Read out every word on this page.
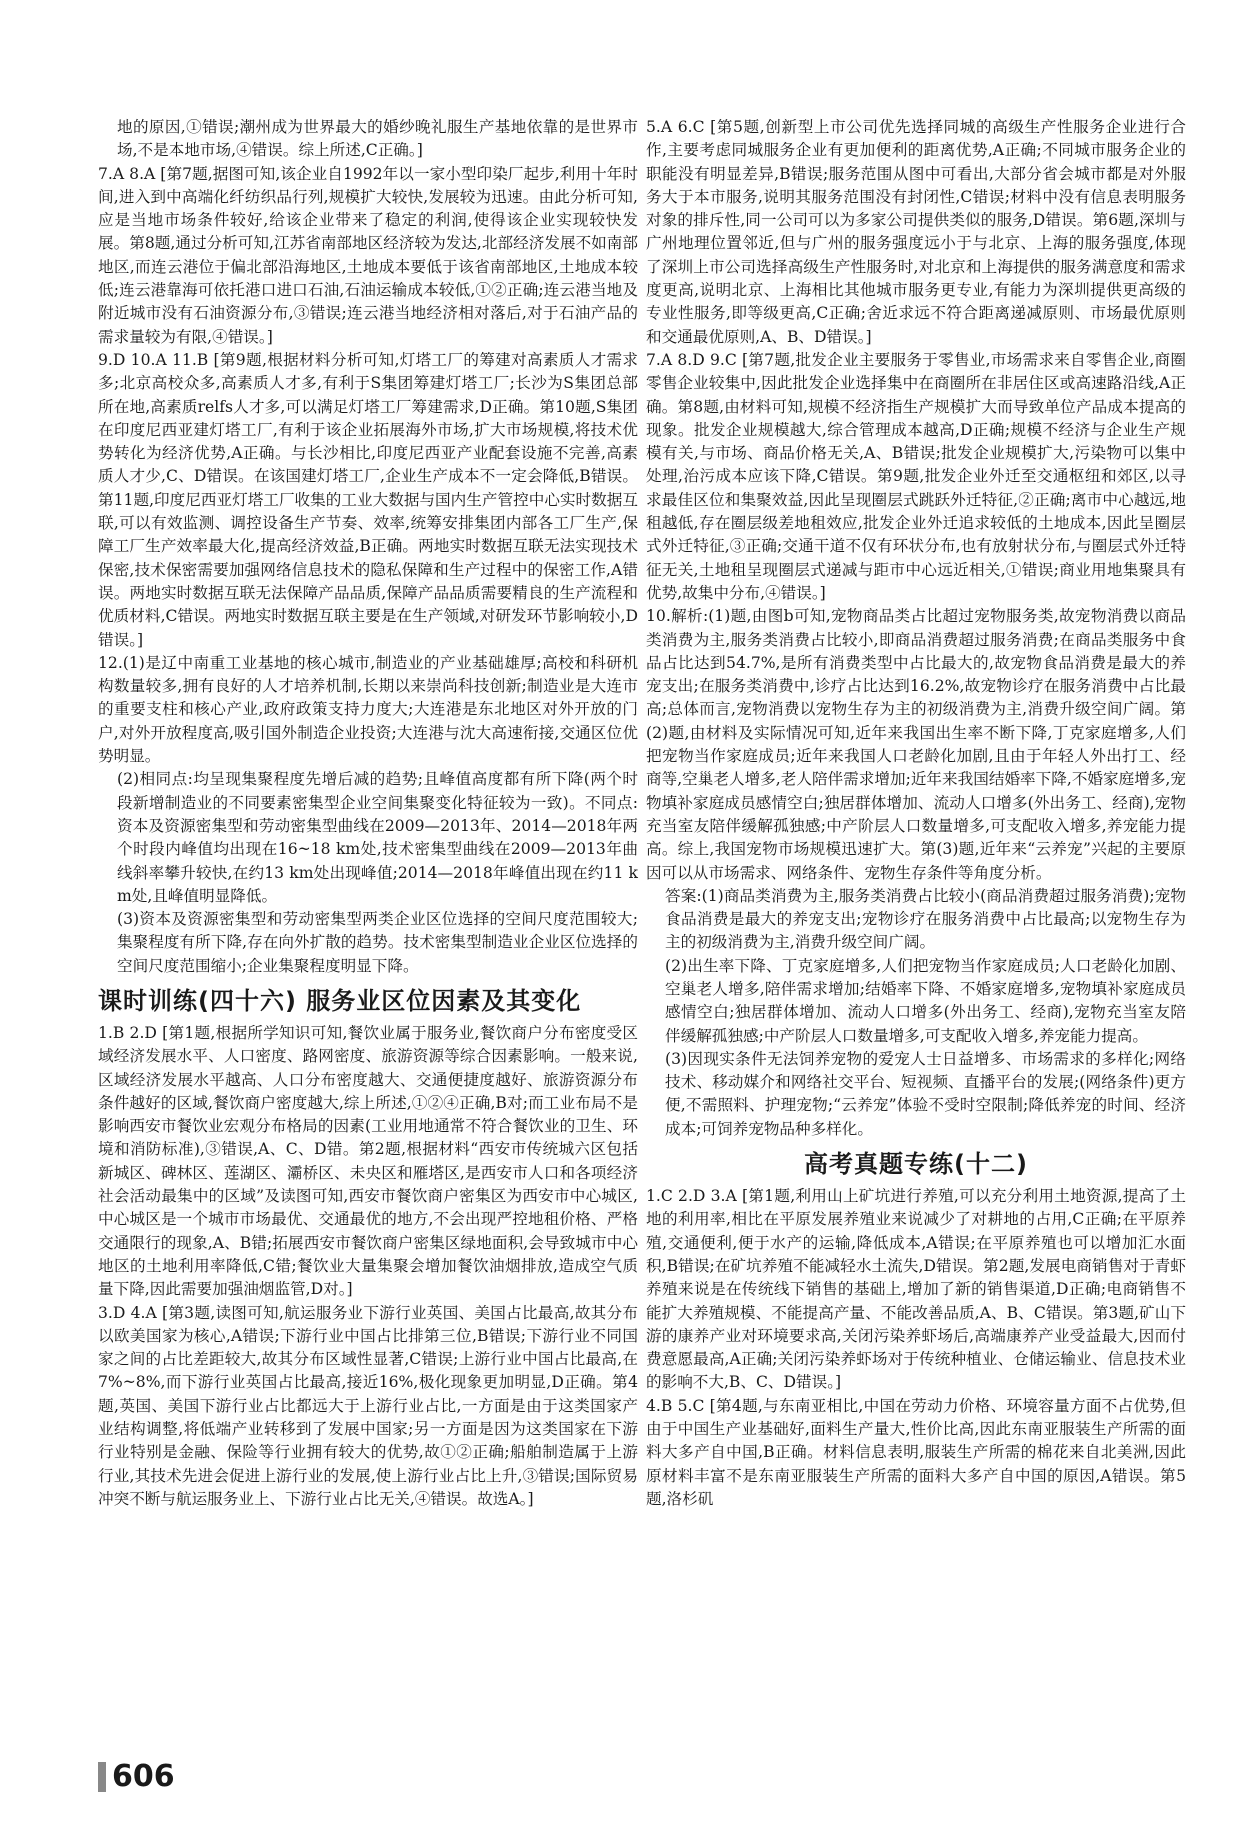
地的原因,①错误;潮州成为世界最大的婚纱晚礼服生产基地依靠的是世界市场,不是本地市场,④错误。综上所述,C正确。]

7.A 8.A [第7题,据图可知,该企业自1992年以一家小型印染厂起步,利用十年时间,进入到中高端化纤纺织品行列,规模扩大较快,发展较为迅速。由此分析可知,应是当地市场条件较好,给该企业带来了稳定的利润,使得该企业实现较快发展。第8题,通过分析可知,江苏省南部地区经济较为发达,北部经济发展不如南部地区,而连云港位于偏北部沿海地区,土地成本要低于该省南部地区,土地成本较低;连云港靠海可依托港口进口石油,石油运输成本较低,①②正确;连云港当地及附近城市没有石油资源分布,③错误;连云港当地经济相对落后,对于石油产品的需求量较为有限,④错误。]

9.D 10.A 11.B [第9题,根据材料分析可知,灯塔工厂的筹建对高素质人才需求多;北京高校众多,高素质人才多,有利于S集团筹建灯塔工厂;长沙为S集团总部所在地,高素质relfs人才多,可以满足灯塔工厂筹建需求,D正确。第10题,S集团在印度尼西亚建灯塔工厂,有利于该企业拓展海外市场,扩大市场规模,将技术优势转化为经济优势,A正确。与长沙相比,印度尼西亚产业配套设施不完善,高素质人才少,C、D错误。在该国建灯塔工厂,企业生产成本不一定会降低,B错误。第11题,印度尼西亚灯塔工厂收集的工业大数据与国内生产管控中心实时数据互联,可以有效监测、调控设备生产节奏、效率,统筹安排集团内部各工厂生产,保障工厂生产效率最大化,提高经济效益,B正确。两地实时数据互联无法实现技术保密,技术保密需要加强网络信息技术的隐私保障和生产过程中的保密工作,A错误。两地实时数据互联无法保障产品品质,保障产品品质需要精良的生产流程和优质材料,C错误。两地实时数据互联主要是在生产领域,对研发环节影响较小,D错误。]

12.(1)是辽中南重工业基地的核心城市,制造业的产业基础雄厚;高校和科研机构数量较多,拥有良好的人才培养机制,长期以来崇尚科技创新;制造业是大连市的重要支柱和核心产业,政府政策支持力度大;大连港是东北地区对外开放的门户,对外开放程度高,吸引国外制造企业投资;大连港与沈大高速衔接,交通区位优势明显。

(2)相同点:均呈现集聚程度先增后减的趋势;且峰值高度都有所下降(两个时段新增制造业的不同要素密集型企业空间集聚变化特征较为一致)。不同点:资本及资源密集型和劳动密集型曲线在2009—2013年、2014—2018年两个时段内峰值均出现在16~18 km处,技术密集型曲线在2009—2013年曲线斜率攀升较快,在约13 km处出现峰值;2014—2018年峰值出现在约11 km处,且峰值明显降低。

(3)资本及资源密集型和劳动密集型两类企业区位选择的空间尺度范围较大;集聚程度有所下降,存在向外扩散的趋势。技术密集型制造业企业区位选择的空间尺度范围缩小;企业集聚程度明显下降。

课时训练(四十六) 服务业区位因素及其变化

1.B 2.D [第1题,根据所学知识可知,餐饮业属于服务业,餐饮商户分布密度受区域经济发展水平、人口密度、路网密度、旅游资源等综合因素影响。一般来说,区域经济发展水平越高、人口分布密度越大、交通便捷度越好、旅游资源分布条件越好的区域,餐饮商户密度越大,综上所述,①②④正确,B对;而工业布局不是影响西安市餐饮业宏观分布格局的因素(工业用地通常不符合餐饮业的卫生、环境和消防标准),③错误,A、C、D错。第2题,根据材料“西安市传统城六区包括新城区、碑林区、莲湖区、灞桥区、未央区和雁塔区,是西安市人口和各项经济社会活动最集中的区域”及读图可知,西安市餐饮商户密集区为西安市中心城区,中心城区是一个城市市场最优、交通最优的地方,不会出现严控地租价格、严格交通限行的现象,A、B错;拓展西安市餐饮商户密集区绿地面积,会导致城市中心地区的土地利用率降低,C错;餐饮业大量集聚会增加餐饮油烟排放,造成空气质量下降,因此需要加强油烟监管,D对。]

3.D 4.A [第3题,读图可知,航运服务业下游行业英国、美国占比最高,故其分布以欧美国家为核心,A错误;下游行业中国占比排第三位,B错误;下游行业不同国家之间的占比差距较大,故其分布区域性显著,C错误;上游行业中国占比最高,在7%~8%,而下游行业英国占比最高,接近16%,极化现象更加明显,D正确。第4题,英国、美国下游行业占比都远大于上游行业占比,一方面是由于这类国家产业结构调整,将低端产业转移到了发展中国家;另一方面是因为这类国家在下游行业特别是金融、保险等行业拥有较大的优势,故①②正确;船舶制造属于上游行业,其技术先进会促进上游行业的发展,使上游行业占比上升,③错误;国际贸易冲突不断与航运服务业上、下游行业占比无关,④错误。故选A。]

5.A 6.C [第5题,创新型上市公司优先选择同城的高级生产性服务企业进行合作,主要考虑同城服务企业有更加便利的距离优势,A正确;不同城市服务企业的职能没有明显差异,B错误;服务范围从图中可看出,大部分省会城市都是对外服务大于本市服务,说明其服务范围没有封闭性,C错误;材料中没有信息表明服务对象的排斥性,同一公司可以为多家公司提供类似的服务,D错误。第6题,深圳与广州地理位置邻近,但与广州的服务强度远小于与北京、上海的服务强度,体现了深圳上市公司选择高级生产性服务时,对北京和上海提供的服务满意度和需求度更高,说明北京、上海相比其他城市服务更专业,有能力为深圳提供更高级的专业性服务,即等级更高,C正确;舍近求远不符合距离递减原则、市场最优原则和交通最优原则,A、B、D错误。]

7.A 8.D 9.C [第7题,批发企业主要服务于零售业,市场需求来自零售企业,商圈零售企业较集中,因此批发企业选择集中在商圈所在非居住区或高速路沿线,A正确。第8题,由材料可知,规模不经济指生产规模扩大而导致单位产品成本提高的现象。批发企业规模越大,综合管理成本越高,D正确;规模不经济与企业生产规模有关,与市场、商品价格无关,A、B错误;批发企业规模扩大,污染物可以集中处理,治污成本应该下降,C错误。第9题,批发企业外迁至交通枢纽和郊区,以寻求最佳区位和集聚效益,因此呈现圈层式跳跃外迁特征,②正确;离市中心越远,地租越低,存在圈层级差地租效应,批发企业外迁追求较低的土地成本,因此呈圈层式外迁特征,③正确;交通干道不仅有环状分布,也有放射状分布,与圈层式外迁特征无关,土地租呈现圈层式递减与距市中心远近相关,①错误;商业用地集聚具有优势,故集中分布,④错误。]

10.解析:(1)题,由图b可知,宠物商品类占比超过宠物服务类,故宠物消费以商品类消费为主,服务类消费占比较小,即商品消费超过服务消费;在商品类服务中食品占比达到54.7%,是所有消费类型中占比最大的,故宠物食品消费是最大的养宠支出;在服务类消费中,诊疗占比达到16.2%,故宠物诊疗在服务消费中占比最高;总体而言,宠物消费以宠物生存为主的初级消费为主,消费升级空间广阔。第(2)题,由材料及实际情况可知,近年来我国出生率不断下降,丁克家庭增多,人们把宠物当作家庭成员;近年来我国人口老龄化加剧,且由于年轻人外出打工、经商等,空巢老人增多,老人陪伴需求增加;近年来我国结婚率下降,不婚家庭增多,宠物填补家庭成员感情空白;独居群体增加、流动人口增多(外出务工、经商),宠物充当室友陪伴缓解孤独感;中产阶层人口数量增多,可支配收入增多,养宠能力提高。综上,我国宠物市场规模迅速扩大。第(3)题,近年来“云养宠”兴起的主要原因可以从市场需求、网络条件、宠物生存条件等角度分析。

答案:(1)商品类消费为主,服务类消费占比较小(商品消费超过服务消费);宠物食品消费是最大的养宠支出;宠物诊疗在服务消费中占比最高;以宠物生存为主的初级消费为主,消费升级空间广阔。

(2)出生率下降、丁克家庭增多,人们把宠物当作家庭成员;人口老龄化加剧、空巢老人增多,陪伴需求增加;结婚率下降、不婚家庭增多,宠物填补家庭成员感情空白;独居群体增加、流动人口增多(外出务工、经商),宠物充当室友陪伴缓解孤独感;中产阶层人口数量增多,可支配收入增多,养宠能力提高。

(3)因现实条件无法饲养宠物的爱宠人士日益增多、市场需求的多样化;网络技术、移动媒介和网络社交平台、短视频、直播平台的发展;(网络条件)更方便,不需照料、护理宠物;“云养宠”体验不受时空限制;降低养宠的时间、经济成本;可饲养宠物品种多样化。

高考真题专练(十二)

1.C 2.D 3.A [第1题,利用山上矿坑进行养殖,可以充分利用土地资源,提高了土地的利用率,相比在平原发展养殖业来说减少了对耕地的占用,C正确;在平原养殖,交通便利,便于水产的运输,降低成本,A错误;在平原养殖也可以增加汇水面积,B错误;在矿坑养殖不能减轻水土流失,D错误。第2题,发展电商销售对于青虾养殖来说是在传统线下销售的基础上,增加了新的销售渠道,D正确;电商销售不能扩大养殖规模、不能提高产量、不能改善品质,A、B、C错误。第3题,矿山下游的康养产业对环境要求高,关闭污染养虾场后,高端康养产业受益最大,因而付费意愿最高,A正确;关闭污染养虾场对于传统种植业、仓储运输业、信息技术业的影响不大,B、C、D错误。]

4.B 5.C [第4题,与东南亚相比,中国在劳动力价格、环境容量方面不占优势,但由于中国生产业基础好,面料生产量大,性价比高,因此东南亚服装生产所需的面料大多产自中国,B正确。材料信息表明,服装生产所需的棉花来自北美洲,因此原材料丰富不是东南亚服装生产所需的面料大多产自中国的原因,A错误。第5题,洛杉矶

606
